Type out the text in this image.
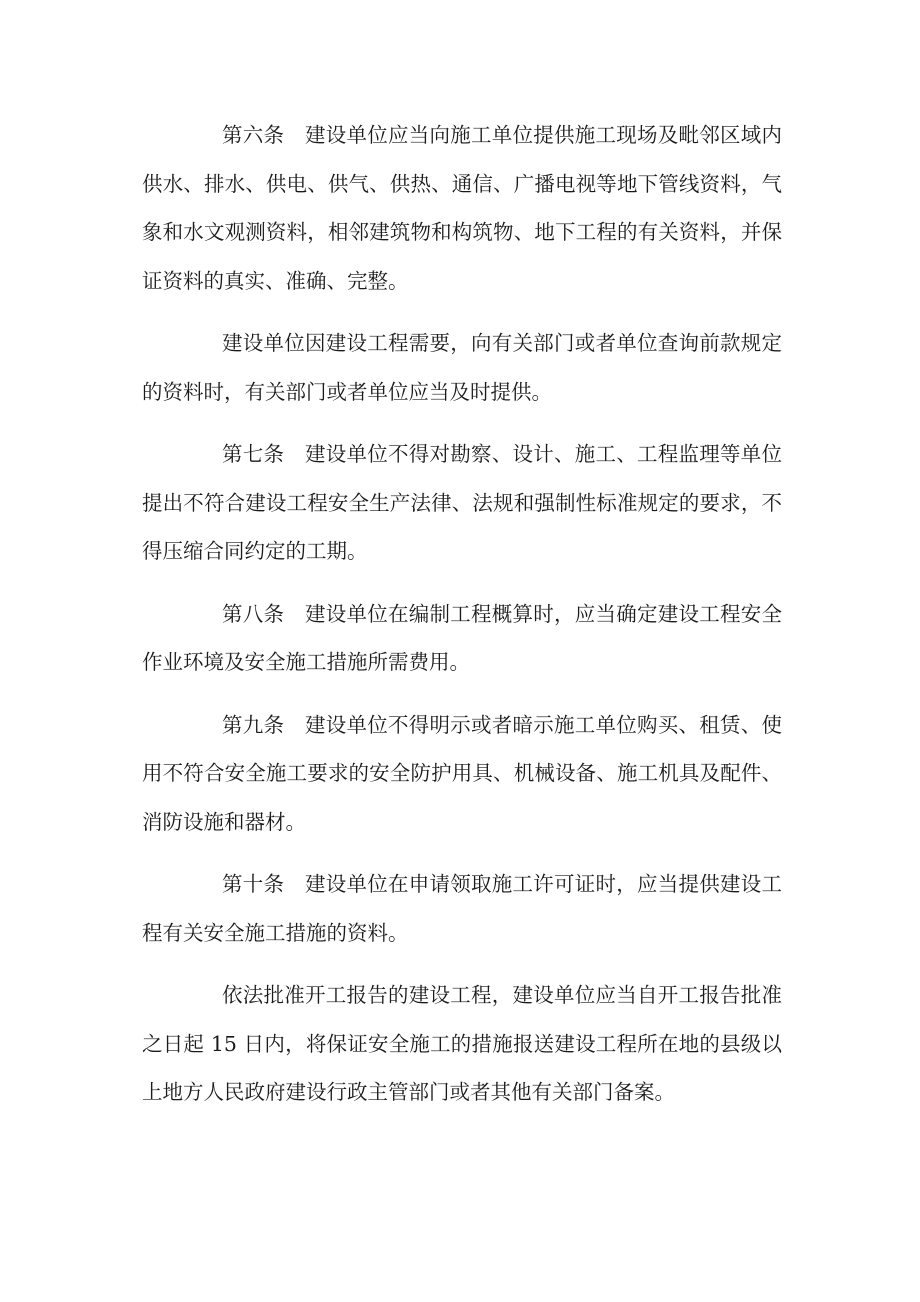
第六条　建设单位应当向施工单位提供施工现场及毗邻区域内供水、排水、供电、供气、供热、通信、广播电视等地下管线资料，气象和水文观测资料，相邻建筑物和构筑物、地下工程的有关资料，并保证资料的真实、准确、完整。

建设单位因建设工程需要，向有关部门或者单位查询前款规定的资料时，有关部门或者单位应当及时提供。

第七条　建设单位不得对勘察、设计、施工、工程监理等单位提出不符合建设工程安全生产法律、法规和强制性标准规定的要求，不得压缩合同约定的工期。

第八条　建设单位在编制工程概算时，应当确定建设工程安全作业环境及安全施工措施所需费用。

第九条　建设单位不得明示或者暗示施工单位购买、租赁、使用不符合安全施工要求的安全防护用具、机械设备、施工机具及配件、消防设施和器材。

第十条　建设单位在申请领取施工许可证时，应当提供建设工程有关安全施工措施的资料。

依法批准开工报告的建设工程，建设单位应当自开工报告批准之日起 15 日内，将保证安全施工的措施报送建设工程所在地的县级以上地方人民政府建设行政主管部门或者其他有关部门备案。
